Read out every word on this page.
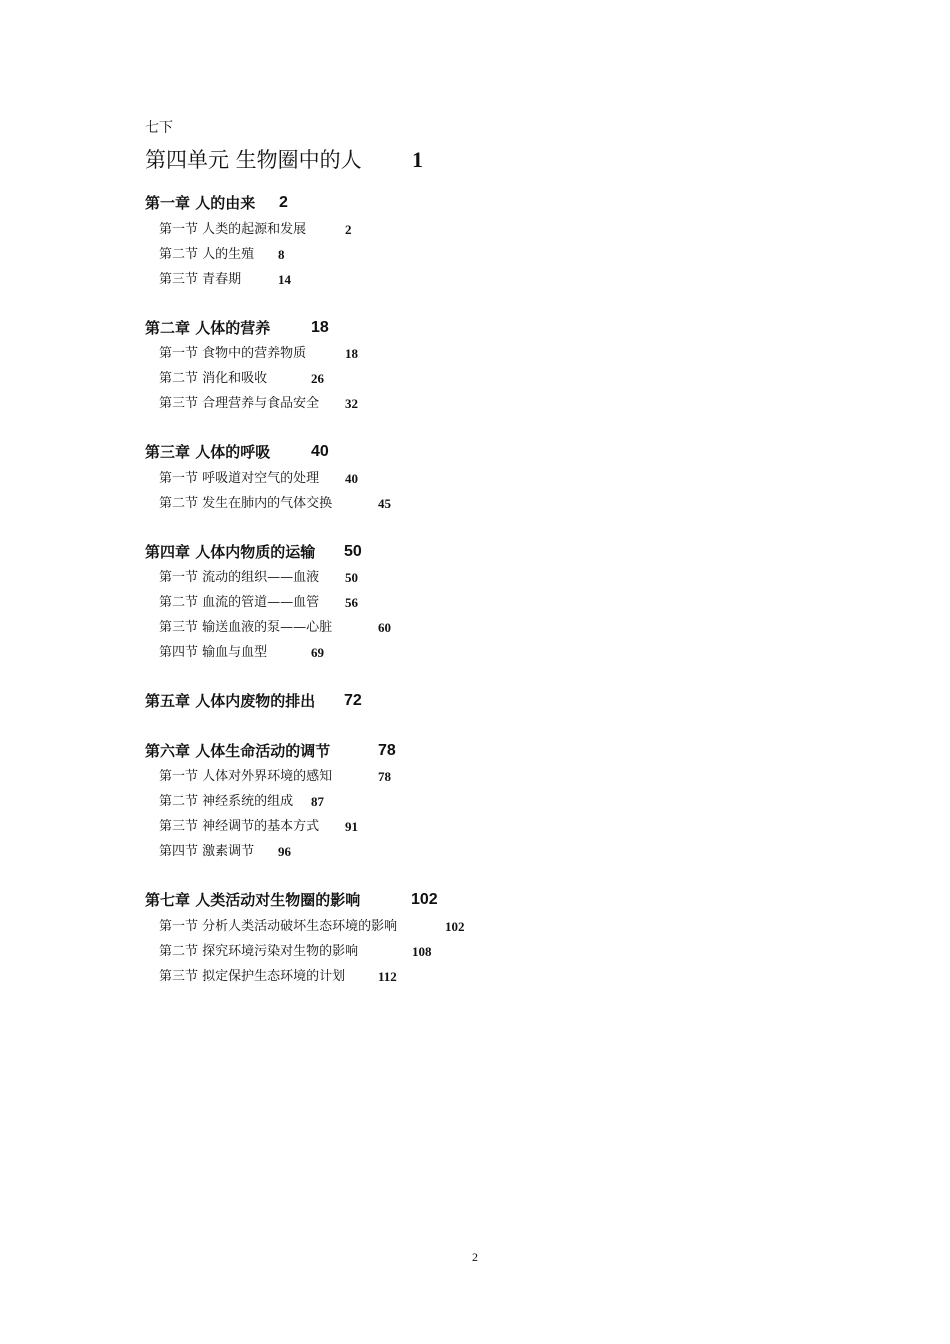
七下
第四单元 生物圈中的人 1
第一章 人的由来 2
第一节 人类的起源和发展	2
第二节 人的生殖 8
第三节 青春期	14
第二章 人体的营养	18
第一节 食物中的营养物质	18
第二节 消化和吸收	26
第三节 合理营养与食品安全 32
第三章 人体的呼吸	40
第一节 呼吸道对空气的处理 40
第二节 发生在肺内的气体交换	45
第四章 人体内物质的运输 50
第一节 流动的组织——血液 50
第二节 血流的管道——血管 56
第三节 输送血液的泵——心脏	60
第四节 输血与血型	69
第五章 人体内废物的排出 72
第六章 人体生命活动的调节	78
第一节 人体对外界环境的感知	78
第二节 神经系统的组成 87
第三节 神经调节的基本方式 91
第四节 激素调节 96
第七章 人类活动对生物圈的影响	102
第一节 分析人类活动破坏生态环境的影响	102
第二节 探究环境污染对生物的影响	108
第三节 拟定保护生态环境的计划	112
2
